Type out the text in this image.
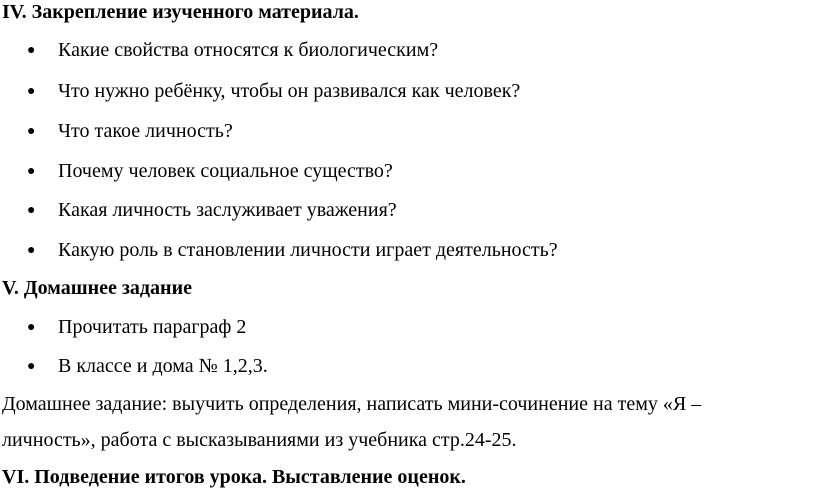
IV. Закрепление изученного материала.
● Какие свойства относятся к биологическим?
● Что нужно ребёнку, чтобы он развивался как человек?
● Что такое личность?
● Почему человек социальное существо?
● Какая личность заслуживает уважения?
● Какую роль в становлении личности играет деятельность?
V. Домашнее задание
● Прочитать параграф 2
● В классе и дома № 1,2,3.
Домашнее задание: выучить определения, написать мини-сочинение на тему «Я –
личность», работа с высказываниями из учебника стр.24-25.
VI. Подведение итогов урока. Выставление оценок.
